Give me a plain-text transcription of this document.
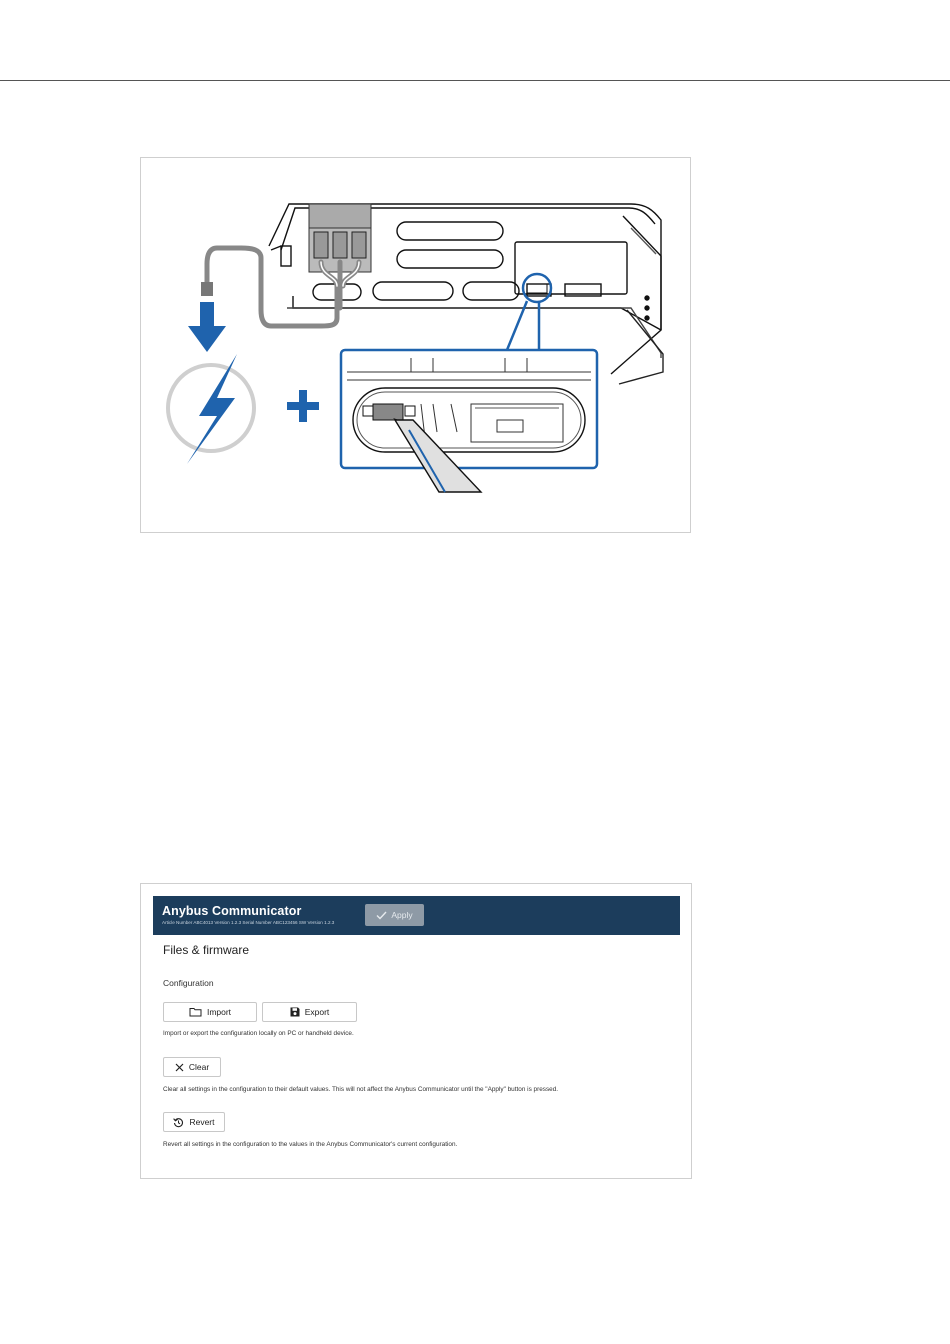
Anybus Communicator
Article Number ABC4013 Version 1.2.3 Serial Number ABC123456 SW Version 1.2.3
Apply
Files & firmware
Configuration
Import	Export
Import or export the configuration locally on PC or handheld device.
Clear
Clear all settings in the configuration to their default values. This will not affect the Anybus Communicator until the "Apply" button is pressed.
Revert
Revert all settings in the configuration to the values in the Anybus Communicator's current configuration.
